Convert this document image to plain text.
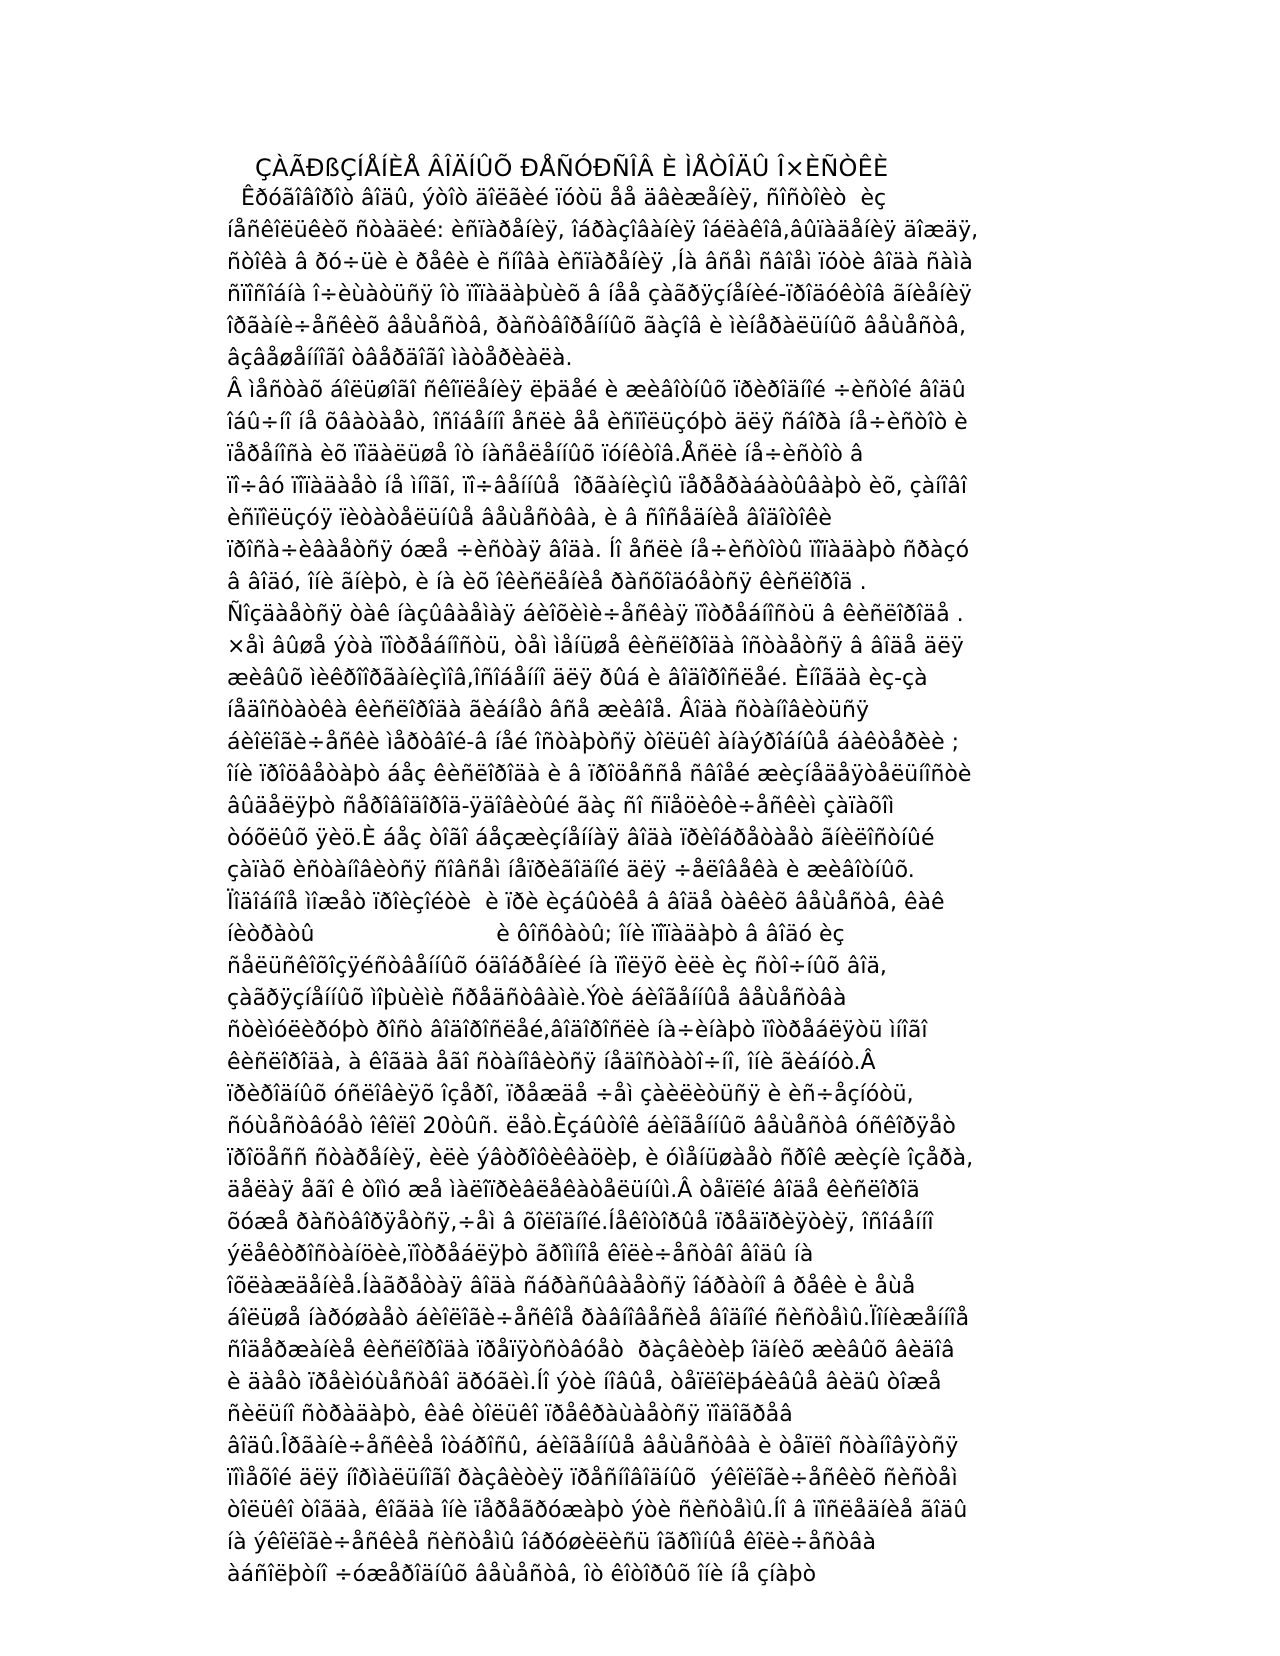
ÇÀÃÐßÇÍÅÍÈÅ ÂÎÄÍÛÕ ÐÅÑÓÐÑÎÂ È ÌÅÒÎÄÛ Î×ÈÑÒÊÈ
Êðóãîâîðîò âîäû, ýòîò äîëãèé ïóòü åå äâèæåíèÿ, ñîñòîèò  èç
íåñêîëüêèõ ñòàäèé: èñïàðåíèÿ, îáðàçîâàíèÿ îáëàêîâ,âûïàäåíèÿ äîæäÿ,
ñòîêà â ðó÷üè è ðåêè è ñíîâà èñïàðåíèÿ ,Íà âñåì ñâîåì ïóòè âîäà ñàìà
ñïîñîáíà î÷èùàòüñÿ îò ïîïàäàþùèõ â íåå çàãðÿçíåíèé-ïðîäóêòîâ ãíèåíèÿ
îðãàíè÷åñêèõ âåùåñòâ, ðàñòâîðåííûõ ãàçîâ è ìèíåðàëüíûõ âåùåñòâ,
âçâåøåííîãî òâåðäîãî ìàòåðèàëà.
Â ìåñòàõ áîëüøîãî ñêîïëåíèÿ ëþäåé è æèâîòíûõ ïðèðîäíîé ÷èñòîé âîäû
îáû÷íî íå õâàòàåò, îñîáåííî åñëè åå èñïîëüçóþò äëÿ ñáîðà íå÷èñòîò è
ïåðåíîñà èõ ïîäàëüøå îò íàñåëåííûõ ïóíêòîâ.Åñëè íå÷èñòîò â
ïî÷âó ïîïàäàåò íå ìíîãî, ïî÷âåííûå  îðãàíèçìû ïåðåðàáàòûâàþò èõ, çàíîâî
èñïîëüçóÿ ïèòàòåëüíûå âåùåñòâà, è â ñîñåäíèå âîäîòîêè
ïðîñà÷èâàåòñÿ óæå ÷èñòàÿ âîäà. Íî åñëè íå÷èñòîòû ïîïàäàþò ñðàçó
â âîäó, îíè ãíèþò, è íà èõ îêèñëåíèå ðàñõîäóåòñÿ êèñëîðîä .
Ñîçäàåòñÿ òàê íàçûâàåìàÿ áèîõèìè÷åñêàÿ ïîòðåáíîñòü â êèñëîðîäå .
×åì âûøå ýòà ïîòðåáíîñòü, òåì ìåíüøå êèñëîðîäà îñòàåòñÿ â âîäå äëÿ
æèâûõ ìèêðîîðãàíèçìîâ,îñîáåííî äëÿ ðûá è âîäîðîñëåé. Èíîãäà èç-çà
íåäîñòàòêà êèñëîðîäà ãèáíåò âñå æèâîå. Âîäà ñòàíîâèòüñÿ
áèîëîãè÷åñêè ìåðòâîé-â íåé îñòàþòñÿ òîëüêî àíàýðîáíûå áàêòåðèè ;
îíè ïðîöâåòàþò áåç êèñëîðîäà è â ïðîöåññå ñâîåé æèçíåäåÿòåëüíîñòè
âûäåëÿþò ñåðîâîäîðîä-ÿäîâèòûé ãàç ñî ñïåöèôè÷åñêèì çàïàõîì
òóõëûõ ÿèö.È áåç òîãî áåçæèçíåííàÿ âîäà ïðèîáðåòàåò ãíèëîñòíûé
çàïàõ èñòàíîâèòñÿ ñîâñåì íåïðèãîäíîé äëÿ ÷åëîâåêà è æèâîòíûõ.
Ïîäîáíîå ìîæåò ïðîèçîéòè  è ïðè èçáûòêå â âîäå òàêèõ âåùåñòâ, êàê
íèòðàòû                          è ôîñôàòû; îíè ïîïàäàþò â âîäó èç
ñåëüñêîõîçÿéñòâåííûõ óäîáðåíèé íà ïîëÿõ èëè èç ñòî÷íûõ âîä,
çàãðÿçíåííûõ ìîþùèìè ñðåäñòâàìè.Ýòè áèîãåííûå âåùåñòâà
ñòèìóëèðóþò ðîñò âîäîðîñëåé,âîäîðîñëè íà÷èíàþò ïîòðåáëÿòü ìíîãî
êèñëîðîäà, à êîãäà åãî ñòàíîâèòñÿ íåäîñòàòî÷íî, îíè ãèáíóò.Â
ïðèðîäíûõ óñëîâèÿõ îçåðî, ïðåæäå ÷åì çàèëèòüñÿ è èñ÷åçíóòü,
ñóùåñòâóåò îêîëî 20òûñ. ëåò.Èçáûòîê áèîãåííûõ âåùåñòâ óñêîðÿåò
ïðîöåññ ñòàðåíèÿ, èëè ýâòðîôèêàöèþ, è óìåíüøàåò ñðîê æèçíè îçåðà,
äåëàÿ åãî ê òîìó æå ìàëîïðèâëåêàòåëüíûì.Â òåïëîé âîäå êèñëîðîä
õóæå ðàñòâîðÿåòñÿ,÷åì â õîëîäíîé.Íåêîòîðûå ïðåäïðèÿòèÿ, îñîáåííî
ýëåêòðîñòàíöèè,ïîòðåáëÿþò ãðîìíîå êîëè÷åñòâî âîäû íà
îõëàæäåíèå.Íàãðåòàÿ âîäà ñáðàñûâàåòñÿ îáðàòíî â ðåêè è åùå
áîëüøå íàðóøàåò áèîëîãè÷åñêîå ðàâíîâåñèå âîäíîé ñèñòåìû.Ïîíèæåííîå
ñîäåðæàíèå êèñëîðîäà ïðåïÿòñòâóåò  ðàçâèòèþ îäíèõ æèâûõ âèäîâ
è äàåò ïðåèìóùåñòâî äðóãèì.Íî ýòè íîâûå, òåïëîëþáèâûå âèäû òîæå
ñèëüíî ñòðàäàþò, êàê òîëüêî ïðåêðàùàåòñÿ ïîäîãðåâ
âîäû.Îðãàíè÷åñêèå îòáðîñû, áèîãåííûå âåùåñòâà è òåïëî ñòàíîâÿòñÿ
ïîìåõîé äëÿ íîðìàëüíîãî ðàçâèòèÿ ïðåñíîâîäíûõ  ýêîëîãè÷åñêèõ ñèñòåì
òîëüêî òîãäà, êîãäà îíè ïåðåãðóæàþò ýòè ñèñòåìû.Íî â ïîñëåäíèå ãîäû
íà ýêîëîãè÷åñêèå ñèñòåìû îáðóøèëèñü îãðîìíûå êîëè÷åñòâà
àáñîëþòíî ÷óæåðîäíûõ âåùåñòâ, îò êîòîðûõ îíè íå çíàþò
